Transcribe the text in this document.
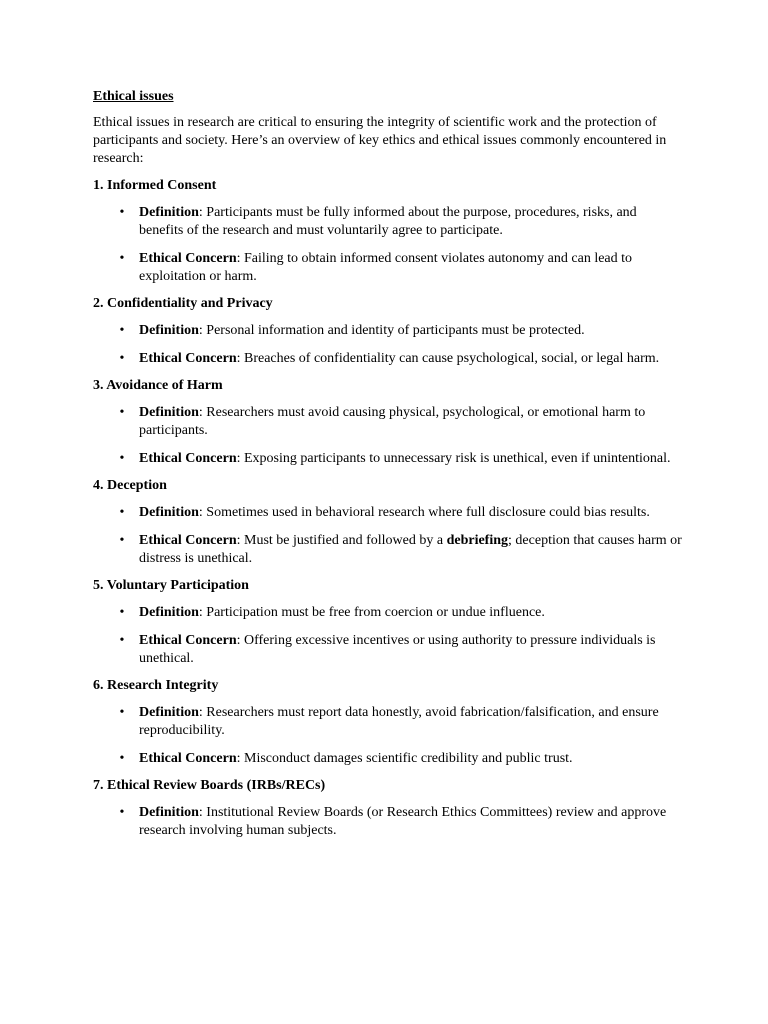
Ethical issues
Ethical issues in research are critical to ensuring the integrity of scientific work and the protection of participants and society. Here’s an overview of key ethics and ethical issues commonly encountered in research:
1. Informed Consent
• Definition: Participants must be fully informed about the purpose, procedures, risks, and benefits of the research and must voluntarily agree to participate.
• Ethical Concern: Failing to obtain informed consent violates autonomy and can lead to exploitation or harm.
2. Confidentiality and Privacy
• Definition: Personal information and identity of participants must be protected.
• Ethical Concern: Breaches of confidentiality can cause psychological, social, or legal harm.
3. Avoidance of Harm
• Definition: Researchers must avoid causing physical, psychological, or emotional harm to participants.
• Ethical Concern: Exposing participants to unnecessary risk is unethical, even if unintentional.
4. Deception
• Definition: Sometimes used in behavioral research where full disclosure could bias results.
• Ethical Concern: Must be justified and followed by a debriefing; deception that causes harm or distress is unethical.
5. Voluntary Participation
• Definition: Participation must be free from coercion or undue influence.
• Ethical Concern: Offering excessive incentives or using authority to pressure individuals is unethical.
6. Research Integrity
• Definition: Researchers must report data honestly, avoid fabrication/falsification, and ensure reproducibility.
• Ethical Concern: Misconduct damages scientific credibility and public trust.
7. Ethical Review Boards (IRBs/RECs)
• Definition: Institutional Review Boards (or Research Ethics Committees) review and approve research involving human subjects.
